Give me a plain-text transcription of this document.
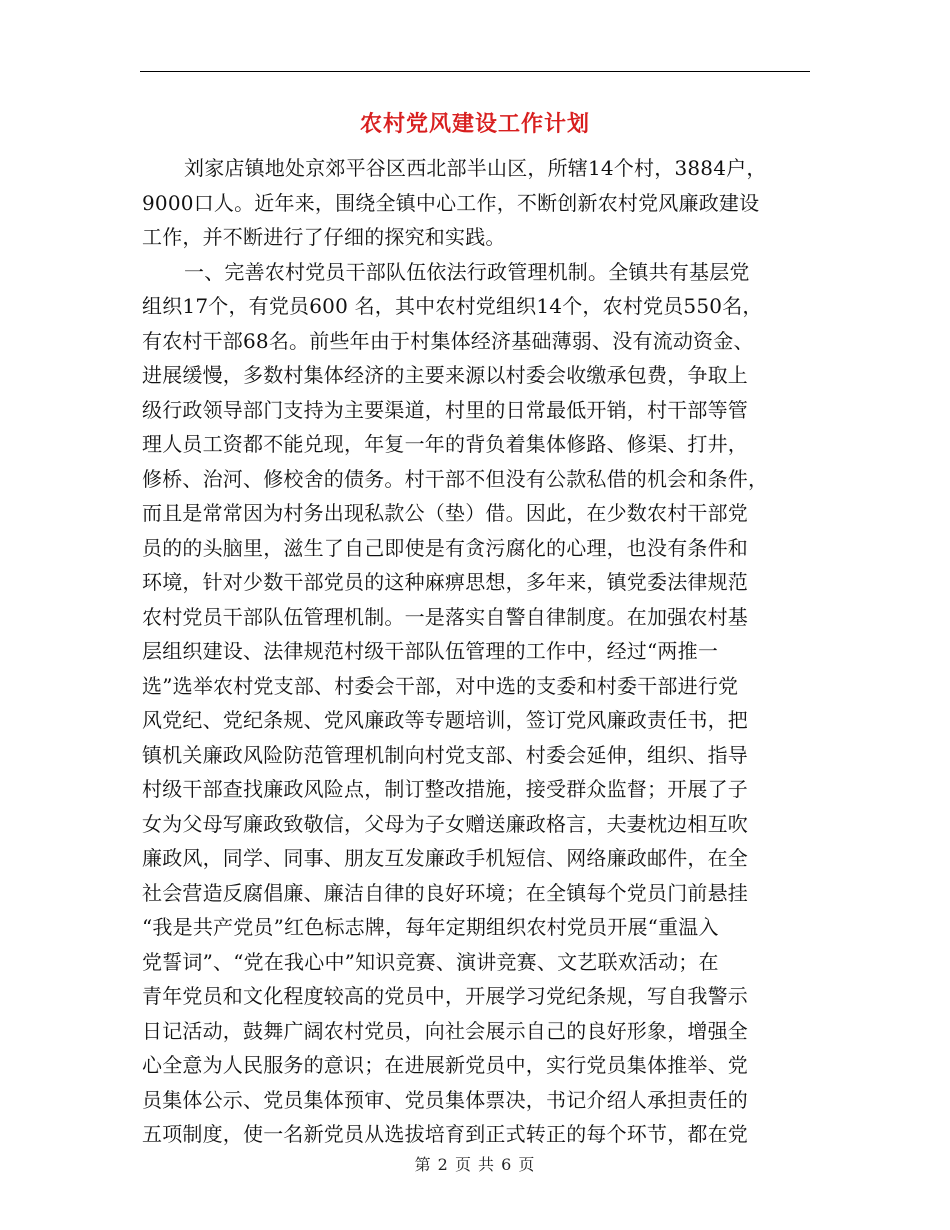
农村党风建设工作计划
刘家店镇地处京郊平谷区西北部半山区，所辖14个村，3884户，
9000口人。近年来，围绕全镇中心工作，不断创新农村党风廉政建设
工作，并不断进行了仔细的探究和实践。
一、完善农村党员干部队伍依法行政管理机制。全镇共有基层党
组织17个，有党员600 名，其中农村党组织14个，农村党员550名，
有农村干部68名。前些年由于村集体经济基础薄弱、没有流动资金、
进展缓慢，多数村集体经济的主要来源以村委会收缴承包费，争取上
级行政领导部门支持为主要渠道，村里的日常最低开销，村干部等管
理人员工资都不能兑现，年复一年的背负着集体修路、修渠、打井，
修桥、治河、修校舍的债务。村干部不但没有公款私借的机会和条件，
而且是常常因为村务出现私款公（垫）借。因此，在少数农村干部党
员的的头脑里，滋生了自己即使是有贪污腐化的心理，也没有条件和
环境，针对少数干部党员的这种麻痹思想，多年来，镇党委法律规范
农村党员干部队伍管理机制。一是落实自警自律制度。在加强农村基
层组织建设、法律规范村级干部队伍管理的工作中，经过“两推一
选”选举农村党支部、村委会干部，对中选的支委和村委干部进行党
风党纪、党纪条规、党风廉政等专题培训，签订党风廉政责任书，把
镇机关廉政风险防范管理机制向村党支部、村委会延伸，组织、指导
村级干部查找廉政风险点，制订整改措施，接受群众监督；开展了子
女为父母写廉政致敬信，父母为子女赠送廉政格言，夫妻枕边相互吹
廉政风，同学、同事、朋友互发廉政手机短信、网络廉政邮件，在全
社会营造反腐倡廉、廉洁自律的良好环境；在全镇每个党员门前悬挂
“我是共产党员”红色标志牌，每年定期组织农村党员开展“重温入
党誓词”、“党在我心中”知识竞赛、演讲竞赛、文艺联欢活动；在
青年党员和文化程度较高的党员中，开展学习党纪条规，写自我警示
日记活动，鼓舞广阔农村党员，向社会展示自己的良好形象，增强全
心全意为人民服务的意识；在进展新党员中，实行党员集体推举、党
员集体公示、党员集体预审、党员集体票决，书记介绍人承担责任的
五项制度，使一名新党员从选拔培育到正式转正的每个环节，都在党
第 2 页 共 6 页
